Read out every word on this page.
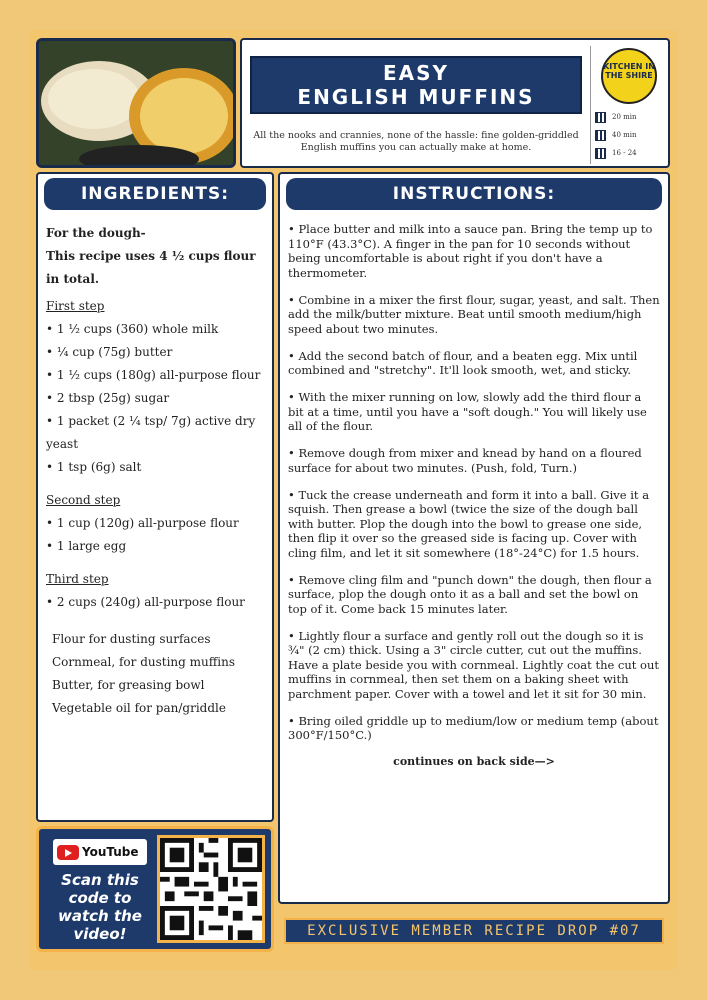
EASY
ENGLISH MUFFINS
All the nooks and crannies, none of the hassle: fine golden-griddled English muffins you can actually make at home.
KITCHEN IN THE SHIRE
20 min
40 min
16 - 24
INGREDIENTS:
For the dough-
This recipe uses 4 ½ cups flour in total.
First step
• 1 ½ cups (360) whole milk
• ¼ cup (75g) butter
• 1 ½ cups (180g) all-purpose flour
• 2 tbsp (25g) sugar
• 1 packet (2 ¼ tsp/ 7g) active dry yeast
• 1 tsp (6g) salt
Second step
• 1 cup (120g) all-purpose flour
• 1 large egg
Third step
• 2 cups (240g) all-purpose flour
Flour for dusting surfaces
Cornmeal, for dusting muffins
Butter, for greasing bowl
Vegetable oil for pan/griddle
INSTRUCTIONS:

• Place butter and milk into a sauce pan. Bring the temp up to 110°F (43.3°C). A finger in the pan for 10 seconds without being uncomfortable is about right if you don't have a thermometer.

• Combine in a mixer the first flour, sugar, yeast, and salt. Then add the milk/butter mixture. Beat until smooth medium/high speed about two minutes.

• Add the second batch of flour, and a beaten egg. Mix until combined and "stretchy". It'll look smooth, wet, and sticky.

• With the mixer running on low, slowly add the third flour a bit at a time, until you have a "soft dough." You will likely use all of the flour.

• Remove dough from mixer and knead by hand on a floured surface for about two minutes. (Push, fold, Turn.)

• Tuck the crease underneath and form it into a ball. Give it a squish. Then grease a bowl (twice the size of the dough ball with butter. Plop the dough into the bowl to grease one side, then flip it over so the greased side is facing up. Cover with cling film, and let it sit somewhere (18°-24°C) for 1.5 hours.

• Remove cling film and "punch down" the dough, then flour a surface, plop the dough onto it as a ball and set the bowl on top of it. Come back 15 minutes later.

• Lightly flour a surface and gently roll out the dough so it is ¾" (2 cm) thick. Using a 3" circle cutter, cut out the muffins. Have a plate beside you with cornmeal. Lightly coat the cut out muffins in cornmeal, then set them on a baking sheet with parchment paper. Cover with a towel and let it sit for 30 min.

• Bring oiled griddle up to medium/low or medium temp (about 300°F/150°C.)

continues on back side—>
YouTube
Scan this code to watch the video!	EXCLUSIVE MEMBER RECIPE DROP #07
